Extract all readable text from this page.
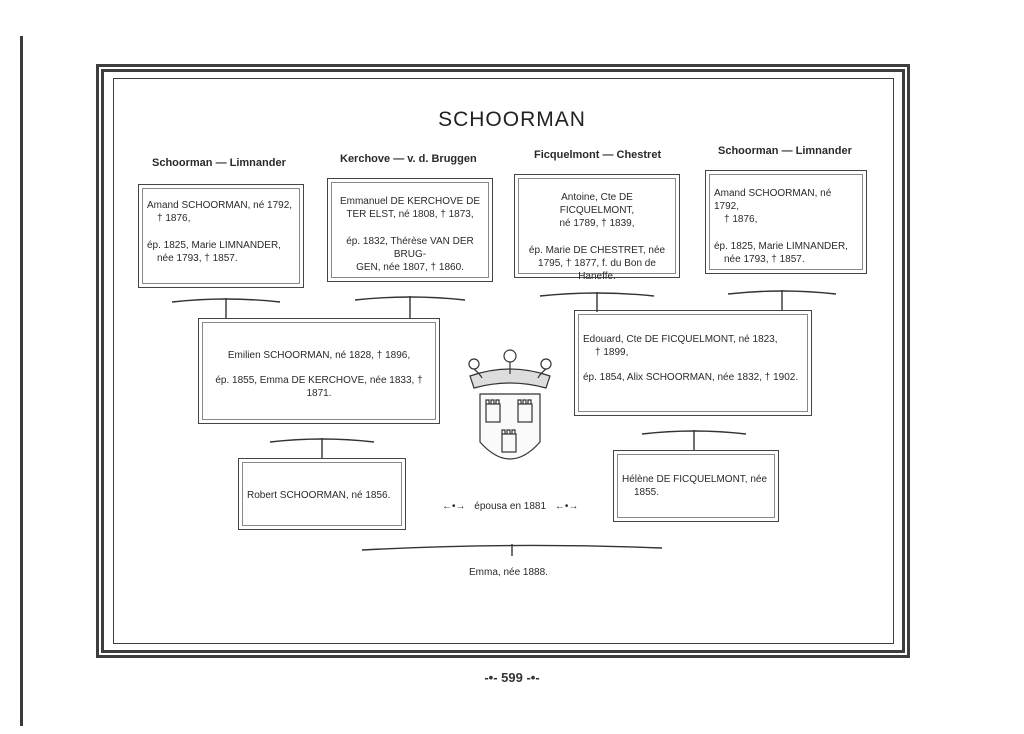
SCHOORMAN
Schoorman — Limnander	Kerchove — v. d. Bruggen	Ficquelmont — Chestret	Schoorman — Limnander

Amand SCHOORMAN, né 1792,

† 1876,

ép. 1825, Marie LIMNANDER,

née 1793, † 1857.

Emmanuel DE KERCHOVE DE

TER ELST, né 1808, † 1873,

ép. 1832, Thérèse VAN DER BRUG-

GEN, née 1807, † 1860.

Antoine, Cte DE FICQUELMONT,

né 1789, † 1839,

ép. Marie DE CHESTRET, née

1795, † 1877, f. du Bon de Haneffe.

Amand SCHOORMAN, né 1792,

† 1876,

ép. 1825, Marie LIMNANDER,

née 1793, † 1857.

Emilien SCHOORMAN, né 1828, † 1896,

ép. 1855, Emma DE KERCHOVE, née 1833, † 1871.

Edouard, Cte DE FICQUELMONT, né 1823,

† 1899,

ép. 1854, Alix SCHOORMAN, née 1832, † 1902.

Robert SCHOORMAN, né 1856.

Hélène DE FICQUELMONT, née

1855.

←•→ épousa en 1881 ←•→
Emma, née 1888.
-•- 599 -•-
